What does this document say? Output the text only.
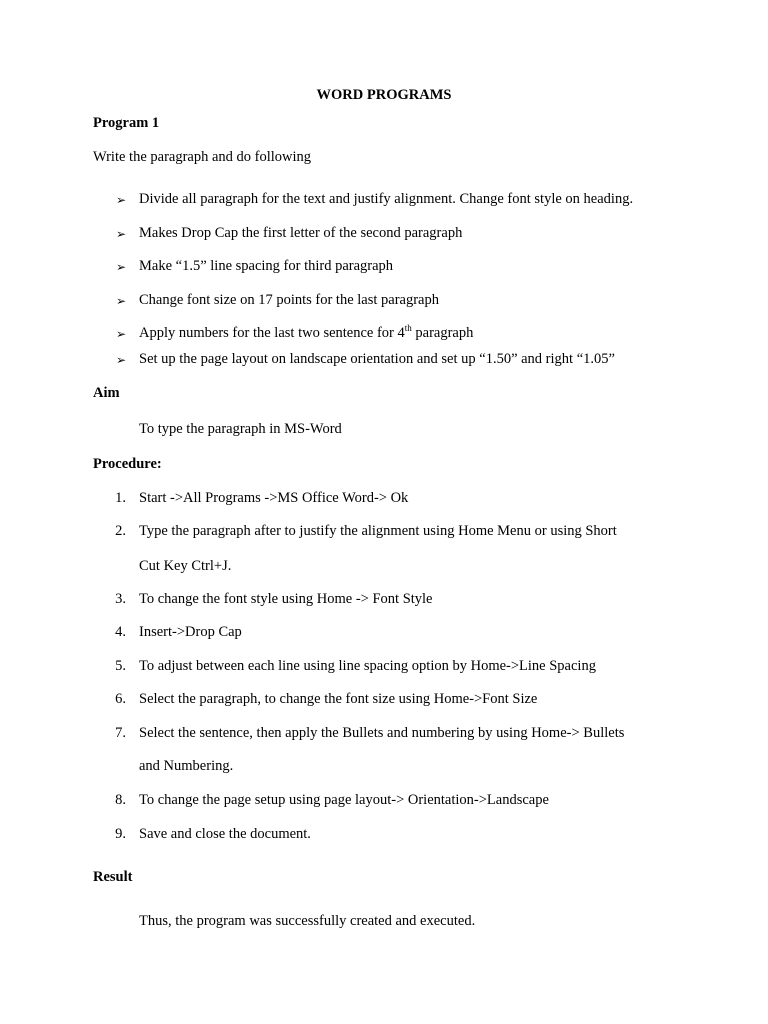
WORD PROGRAMS
Program 1
Write the paragraph and do following
➢ Divide all paragraph for the text and justify alignment. Change font style on heading.
➢ Makes Drop Cap the first letter of the second paragraph
➢ Make “1.5” line spacing for third paragraph
➢ Change font size on 17 points for the last paragraph
➢ Apply numbers for the last two sentence for 4th paragraph
➢ Set up the page layout on landscape orientation and set up “1.50” and right “1.05”
Aim
To type the paragraph in MS-Word
Procedure:
1. Start ->All Programs ->MS Office Word-> Ok
2. Type the paragraph after to justify the alignment using Home Menu or using Short
Cut Key Ctrl+J.
3. To change the font style using Home -> Font Style
4. Insert->Drop Cap
5. To adjust between each line using line spacing option by Home->Line Spacing
6. Select the paragraph, to change the font size using Home->Font Size
7. Select the sentence, then apply the Bullets and numbering by using Home-> Bullets
and Numbering.
8. To change the page setup using page layout-> Orientation->Landscape
9. Save and close the document.
Result
Thus, the program was successfully created and executed.
